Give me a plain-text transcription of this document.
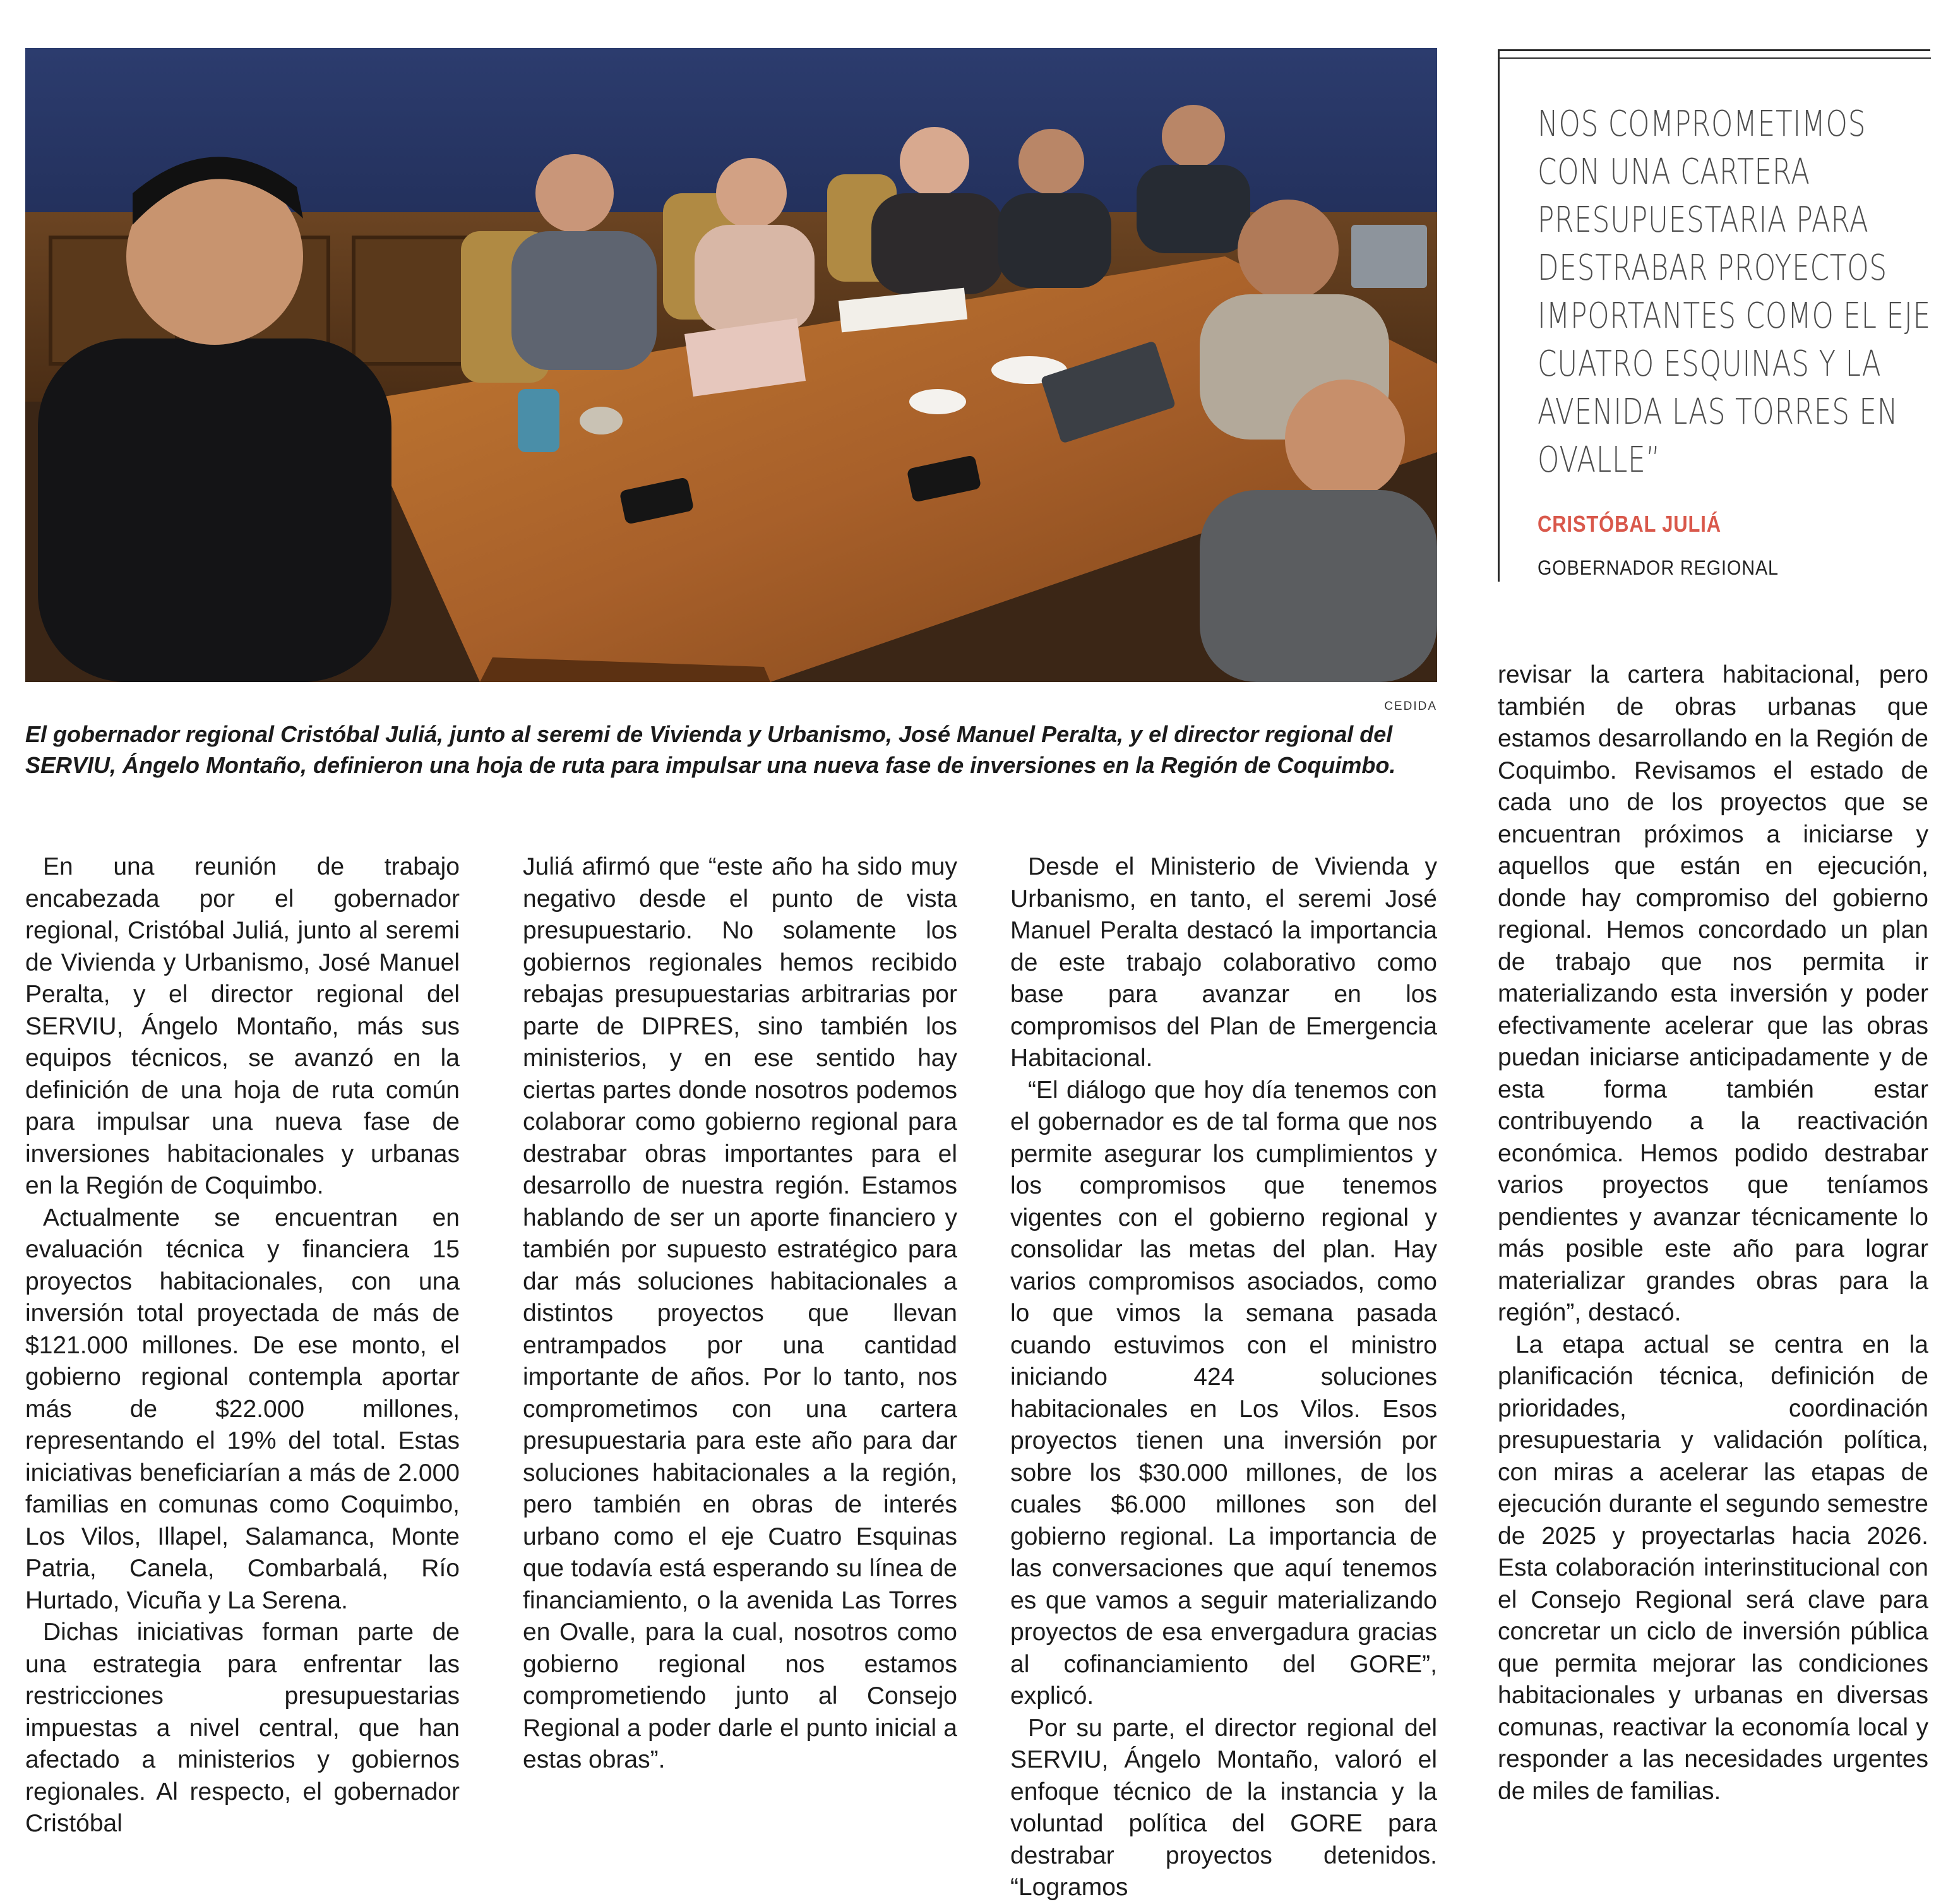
CEDIDA

El gobernador regional Cristóbal Juliá, junto al seremi de Vivienda y Urbanismo, José Manuel Peralta, y el director regional del SERVIU, Ángelo Montaño, definieron una hoja de ruta para impulsar una nueva fase de inversiones en la Región de Coquimbo.

NOS COMPROMETIMOS CON UNA CARTERA PRESUPUESTARIA PARA DESTRABAR PROYECTOS IMPORTANTES COMO EL EJE CUATRO ESQUINAS Y LA AVENIDA LAS TORRES EN OVALLE”

CRISTÓBAL JULIÁ

GOBERNADOR REGIONAL

En una reunión de trabajo encabezada por el gobernador regional, Cristóbal Juliá, junto al seremi de Vivienda y Urbanismo, José Manuel Peralta, y el director regional del SERVIU, Ángelo Montaño, más sus equipos técnicos, se avanzó en la definición de una hoja de ruta común para impulsar una nueva fase de inversiones habitacionales y urbanas en la Región de Coquimbo.

Actualmente se encuentran en evaluación técnica y financiera 15 proyectos habitacionales, con una inversión total proyectada de más de $121.000 millones. De ese monto, el gobierno regional contempla aportar más de $22.000 millones, representando el 19% del total. Estas iniciativas beneficiarían a más de 2.000 familias en comunas como Coquimbo, Los Vilos, Illapel, Salamanca, Monte Patria, Canela, Combarbalá, Río Hurtado, Vicuña y La Serena.

Dichas iniciativas forman parte de una estrategia para enfrentar las restricciones presupuestarias impuestas a nivel central, que han afectado a ministerios y gobiernos regionales. Al respecto, el gobernador Cristóbal

Juliá afirmó que “este año ha sido muy negativo desde el punto de vista presupuestario. No solamente los gobiernos regionales hemos recibido rebajas presupuestarias arbitrarias por parte de DIPRES, sino también los ministerios, y en ese sentido hay ciertas partes donde nosotros podemos colaborar como gobierno regional para destrabar obras importantes para el desarrollo de nuestra región. Estamos hablando de ser un aporte financiero y también por supuesto estratégico para dar más soluciones habitacionales a distintos proyectos que llevan entrampados por una cantidad importante de años. Por lo tanto, nos comprometimos con una cartera presupuestaria para este año para dar soluciones habitacionales a la región, pero también en obras de interés urbano como el eje Cuatro Esquinas que todavía está esperando su línea de financiamiento, o la avenida Las Torres en Ovalle, para la cual, nosotros como gobierno regional nos estamos comprometiendo junto al Consejo Regional a poder darle el punto inicial a estas obras”.

Desde el Ministerio de Vivienda y Urbanismo, en tanto, el seremi José Manuel Peralta destacó la importancia de este trabajo colaborativo como base para avanzar en los compromisos del Plan de Emergencia Habitacional.

“El diálogo que hoy día tenemos con el gobernador es de tal forma que nos permite asegurar los cumplimientos y los compromisos que tenemos vigentes con el gobierno regional y consolidar las metas del plan. Hay varios compromisos asociados, como lo que vimos la semana pasada cuando estuvimos con el ministro iniciando 424 soluciones habitacionales en Los Vilos. Esos proyectos tienen una inversión por sobre los $30.000 millones, de los cuales $6.000 millones son del gobierno regional. La importancia de las conversaciones que aquí tenemos es que vamos a seguir materializando proyectos de esa envergadura gracias al cofinanciamiento del GORE”, explicó.

Por su parte, el director regional del SERVIU, Ángelo Montaño, valoró el enfoque técnico de la instancia y la voluntad política del GORE para destrabar proyectos detenidos. “Logramos

revisar la cartera habitacional, pero también de obras urbanas que estamos desarrollando en la Región de Coquimbo. Revisamos el estado de cada uno de los proyectos que se encuentran próximos a iniciarse y aquellos que están en ejecución, donde hay compromiso del gobierno regional. Hemos concordado un plan de trabajo que nos permita ir materializando esta inversión y poder efectivamente acelerar que las obras puedan iniciarse anticipadamente y de esta forma también estar contribuyendo a la reactivación económica. Hemos podido destrabar varios proyectos que teníamos pendientes y avanzar técnicamente lo más posible este año para lograr materializar grandes obras para la región”, destacó.

La etapa actual se centra en la planificación técnica, definición de prioridades, coordinación presupuestaria y validación política, con miras a acelerar las etapas de ejecución durante el segundo semestre de 2025 y proyectarlas hacia 2026. Esta colaboración interinstitucional con el Consejo Regional será clave para concretar un ciclo de inversión pública que permita mejorar las condiciones habitacionales y urbanas en diversas comunas, reactivar la economía local y responder a las necesidades urgentes de miles de familias.
